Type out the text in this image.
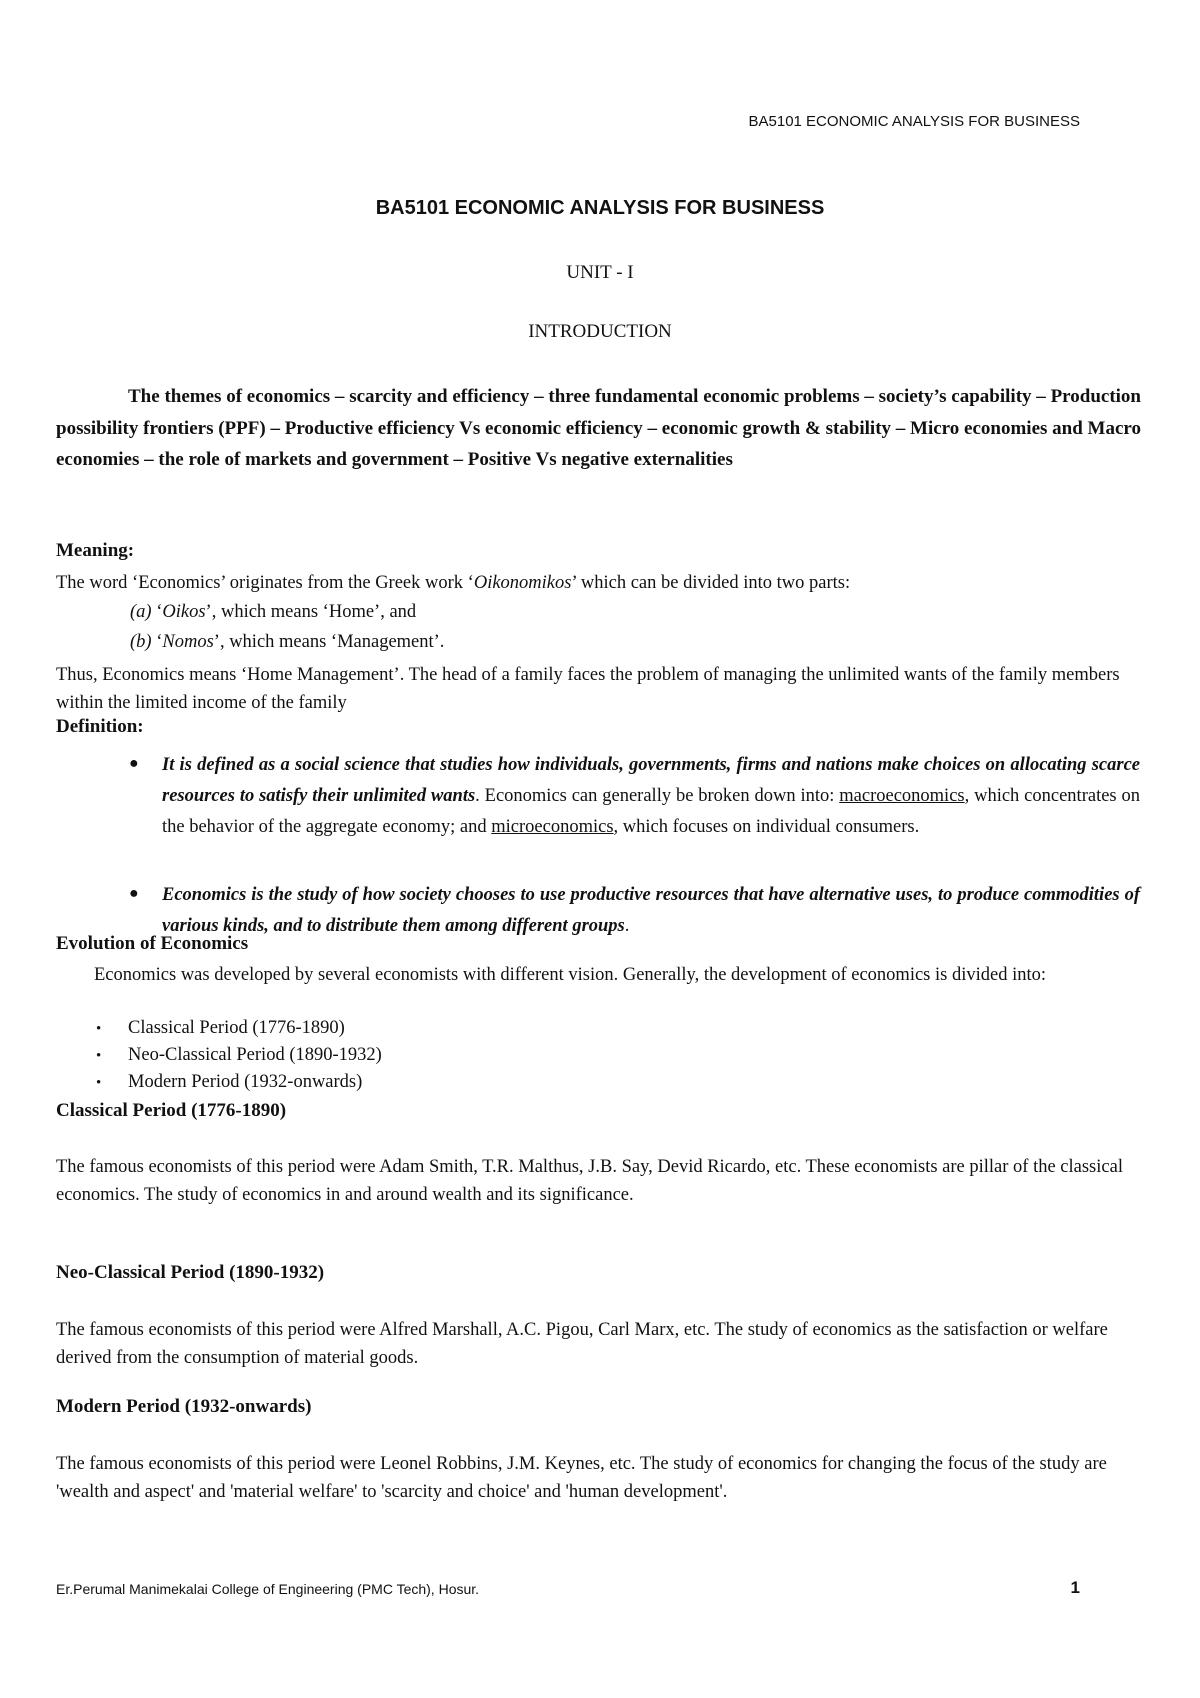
BA5101 ECONOMIC ANALYSIS FOR BUSINESS
BA5101 ECONOMIC ANALYSIS FOR BUSINESS
UNIT - I
INTRODUCTION

The themes of economics – scarcity and efficiency – three fundamental economic problems – society’s capability – Production possibility frontiers (PPF) – Productive efficiency Vs economic efficiency – economic growth & stability – Micro economies and Macro economies – the role of markets and government – Positive Vs negative externalities

Meaning:

The word ‘Economics’ originates from the Greek work ‘Oikonomikos’ which can be divided into two parts:

(a) ‘Oikos’, which means ‘Home’, and
(b) ‘Nomos’, which means ‘Management’.

Thus, Economics means ‘Home Management’. The head of a family faces the problem of managing the unlimited wants of the family members within the limited income of the family

Definition:
● It is defined as a social science that studies how individuals, governments, firms and nations make choices on allocating scarce resources to satisfy their unlimited wants. Economics can generally be broken down into: macroeconomics, which concentrates on the behavior of the aggregate economy; and microeconomics, which focuses on individual consumers.

● Economics is the study of how society chooses to use productive resources that have alternative uses, to produce commodities of various kinds, and to distribute them among different groups.

Evolution of Economics

Economics was developed by several economists with different vision. Generally, the development of economics is divided into:

• Classical Period (1776-1890)
• Neo-Classical Period (1890-1932)
• Modern Period (1932-onwards)
Classical Period (1776-1890)

The famous economists of this period were Adam Smith, T.R. Malthus, J.B. Say, Devid Ricardo, etc. These economists are pillar of the classical economics. The study of economics in and around wealth and its significance.

Neo-Classical Period (1890-1932)

The famous economists of this period were Alfred Marshall, A.C. Pigou, Carl Marx, etc. The study of economics as the satisfaction or welfare derived from the consumption of material goods.

Modern Period (1932-onwards)

The famous economists of this period were Leonel Robbins, J.M. Keynes, etc. The study of economics for changing the focus of the study are 'wealth and aspect' and 'material welfare' to 'scarcity and choice' and 'human development'.

Er.Perumal Manimekalai College of Engineering (PMC Tech), Hosur.	1
